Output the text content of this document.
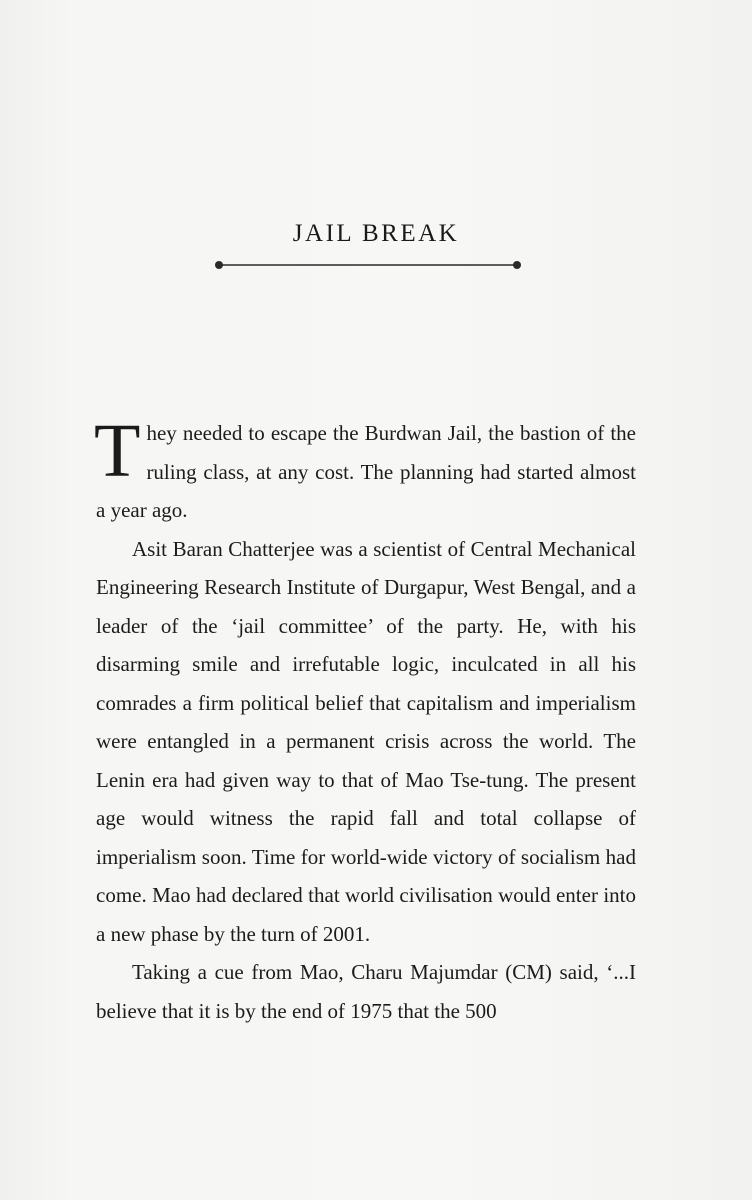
JAIL BREAK

They needed to escape the Burdwan Jail, the bastion of the ruling class, at any cost. The planning had started almost a year ago.

Asit Baran Chatterjee was a scientist of Central Mechanical Engineering Research Institute of Durgapur, West Bengal, and a leader of the ‘jail committee’ of the party. He, with his disarming smile and irrefutable logic, inculcated in all his comrades a firm political belief that capitalism and imperialism were entangled in a permanent crisis across the world. The Lenin era had given way to that of Mao Tse-tung. The present age would witness the rapid fall and total collapse of imperialism soon. Time for world-wide victory of socialism had come. Mao had declared that world civilisation would enter into a new phase by the turn of 2001.

Taking a cue from Mao, Charu Majumdar (CM) said, ‘...I believe that it is by the end of 1975 that the 500
